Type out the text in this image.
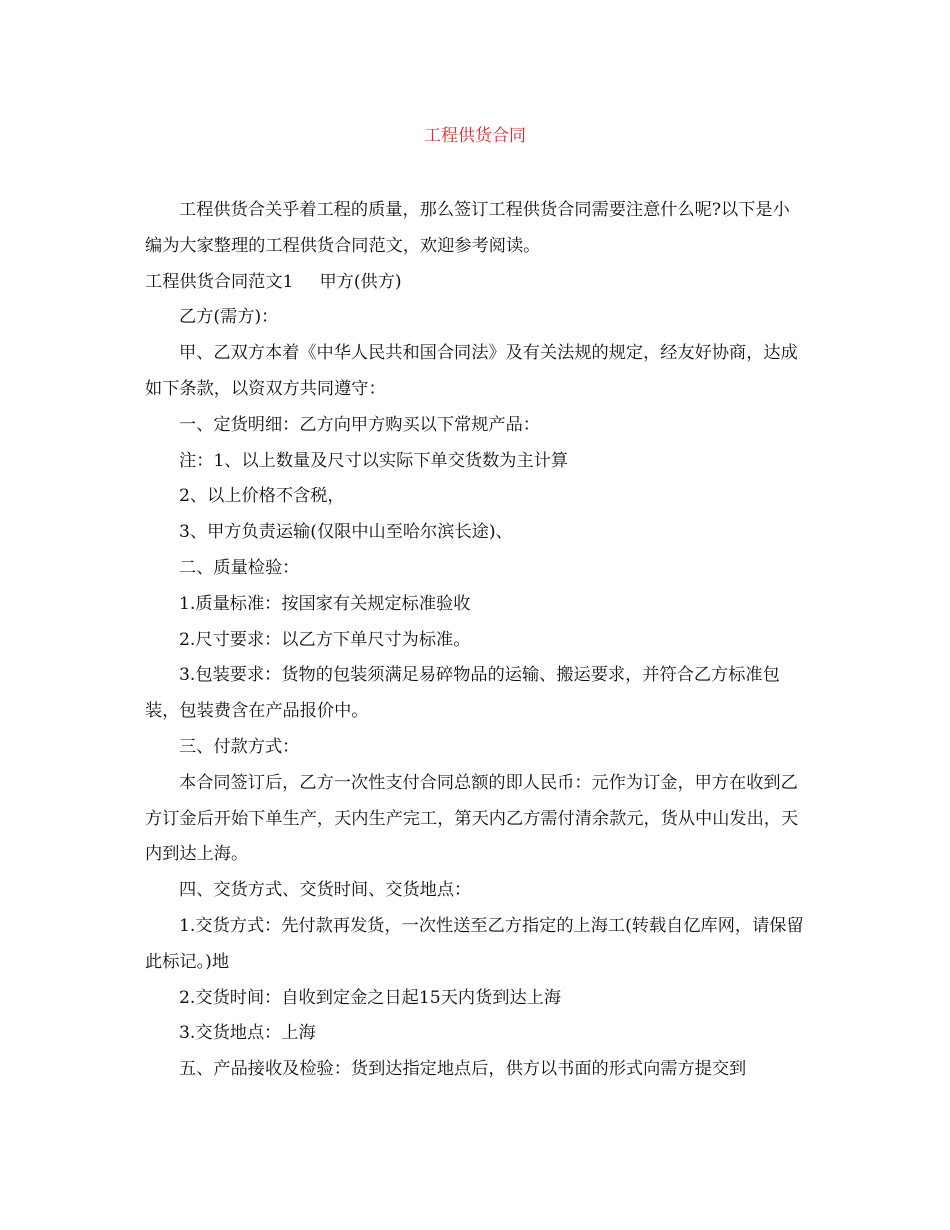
工程供货合同

工程供货合关乎着工程的质量，那么签订工程供货合同需要注意什么呢?以下是小编为大家整理的工程供货合同范文，欢迎参考阅读。

工程供货合同范文1 甲方(供方)

乙方(需方)：

甲、乙双方本着《中华人民共和国合同法》及有关法规的规定，经友好协商，达成如下条款，以资双方共同遵守：

一、定货明细：乙方向甲方购买以下常规产品：

注：1、以上数量及尺寸以实际下单交货数为主计算

2、以上价格不含税，

3、甲方负责运输(仅限中山至哈尔滨长途)、

二、质量检验：

1.质量标准：按国家有关规定标准验收

2.尺寸要求：以乙方下单尺寸为标准。

3.包装要求：货物的包装须满足易碎物品的运输、搬运要求，并符合乙方标准包装，包装费含在产品报价中。

三、付款方式：

本合同签订后，乙方一次性支付合同总额的即人民币：元作为订金，甲方在收到乙方订金后开始下单生产，天内生产完工，第天内乙方需付清余款元，货从中山发出，天内到达上海。

四、交货方式、交货时间、交货地点：

1.交货方式：先付款再发货，一次性送至乙方指定的上海工(转载自亿库网，请保留此标记。)地

2.交货时间：自收到定金之日起15天内货到达上海

3.交货地点：上海

五、产品接收及检验：货到达指定地点后，供方以书面的形式向需方提交到
